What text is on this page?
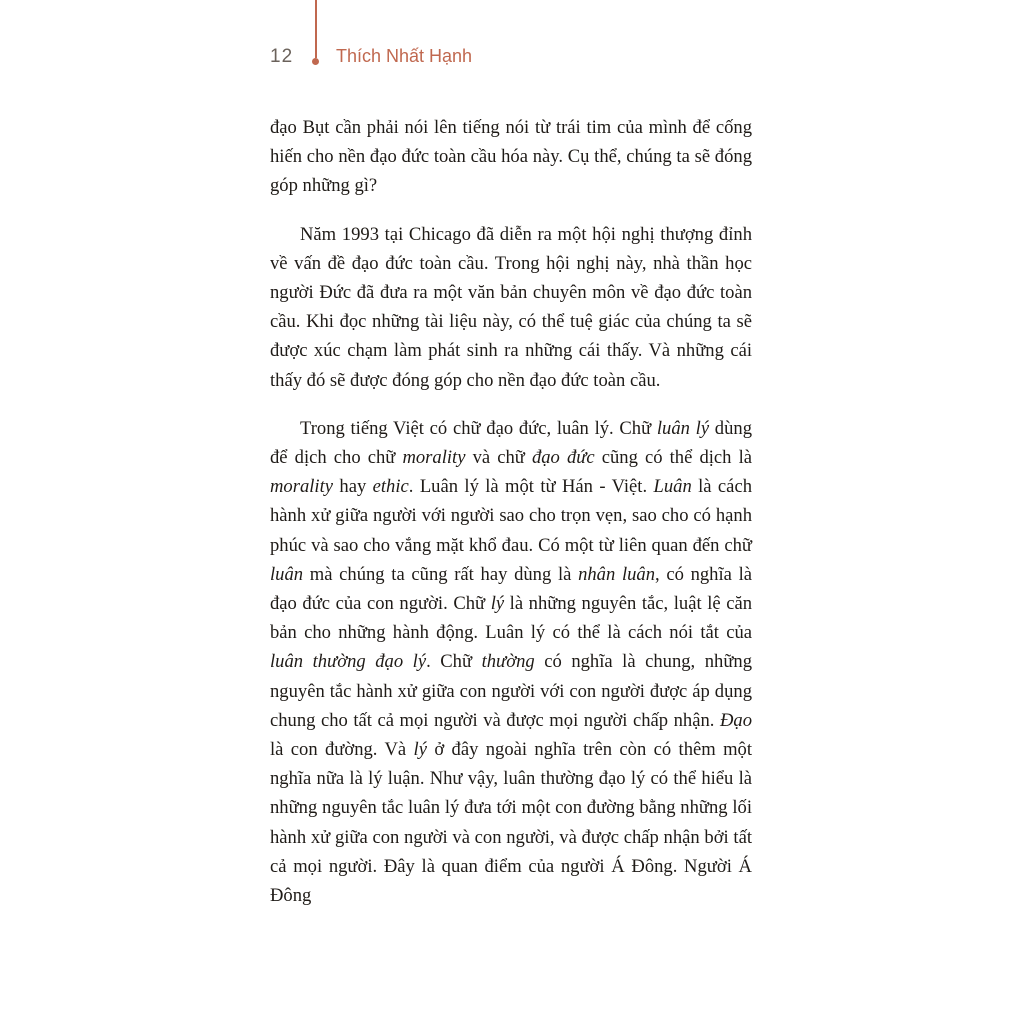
12 Thích Nhất Hạnh

đạo Bụt cần phải nói lên tiếng nói từ trái tim của mình để cống hiến cho nền đạo đức toàn cầu hóa này. Cụ thể, chúng ta sẽ đóng góp những gì?

Năm 1993 tại Chicago đã diễn ra một hội nghị thượng đỉnh về vấn đề đạo đức toàn cầu. Trong hội nghị này, nhà thần học người Đức đã đưa ra một văn bản chuyên môn về đạo đức toàn cầu. Khi đọc những tài liệu này, có thể tuệ giác của chúng ta sẽ được xúc chạm làm phát sinh ra những cái thấy. Và những cái thấy đó sẽ được đóng góp cho nền đạo đức toàn cầu.

Trong tiếng Việt có chữ đạo đức, luân lý. Chữ luân lý dùng để dịch cho chữ morality và chữ đạo đức cũng có thể dịch là morality hay ethic. Luân lý là một từ Hán - Việt. Luân là cách hành xử giữa người với người sao cho trọn vẹn, sao cho có hạnh phúc và sao cho vắng mặt khổ đau. Có một từ liên quan đến chữ luân mà chúng ta cũng rất hay dùng là nhân luân, có nghĩa là đạo đức của con người. Chữ lý là những nguyên tắc, luật lệ căn bản cho những hành động. Luân lý có thể là cách nói tắt của luân thường đạo lý. Chữ thường có nghĩa là chung, những nguyên tắc hành xử giữa con người với con người được áp dụng chung cho tất cả mọi người và được mọi người chấp nhận. Đạo là con đường. Và lý ở đây ngoài nghĩa trên còn có thêm một nghĩa nữa là lý luận. Như vậy, luân thường đạo lý có thể hiểu là những nguyên tắc luân lý đưa tới một con đường bằng những lối hành xử giữa con người và con người, và được chấp nhận bởi tất cả mọi người. Đây là quan điểm của người Á Đông. Người Á Đông
